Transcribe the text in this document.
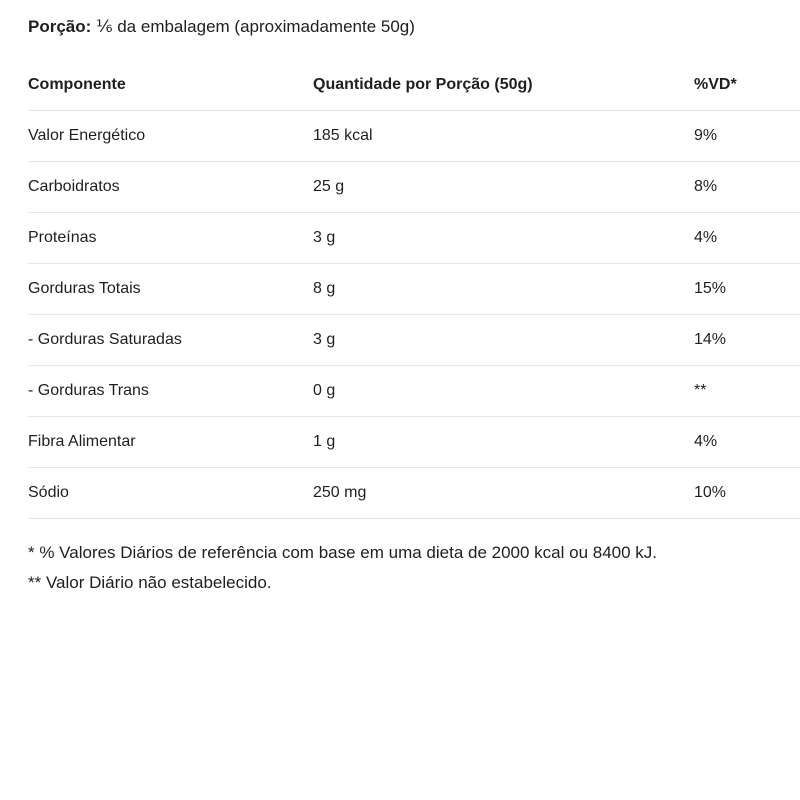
Porção: ⅙ da embalagem (aproximadamente 50g)
Componente	Quantidade por Porção (50g)	%VD*
Valor Energético	185 kcal	9%
Carboidratos	25 g	8%
Proteínas	3 g	4%
Gorduras Totais	8 g	15%
- Gorduras Saturadas	3 g	14%
- Gorduras Trans	0 g	**
Fibra Alimentar	1 g	4%
Sódio	250 mg	10%
* % Valores Diários de referência com base em uma dieta de 2000 kcal ou 8400 kJ.
** Valor Diário não estabelecido.
